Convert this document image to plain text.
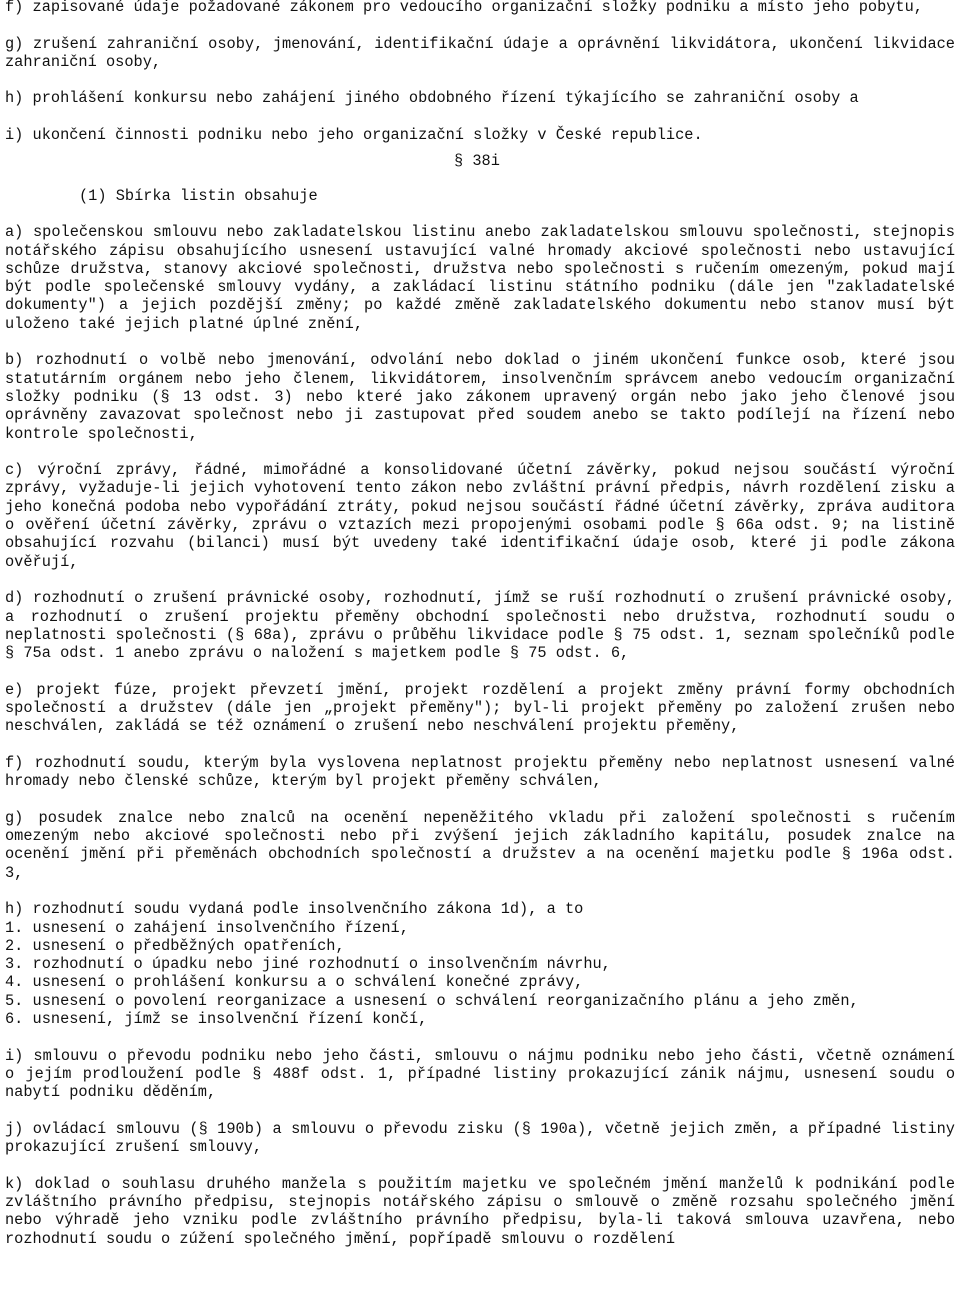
f) zapisované údaje požadované zákonem pro vedoucího organizační složky podniku a místo jeho pobytu,

g) zrušení zahraniční osoby, jmenování, identifikační údaje a oprávnění likvidátora, ukončení likvidace zahraniční osoby,

h) prohlášení konkursu nebo zahájení jiného obdobného řízení týkajícího se zahraniční osoby a

i) ukončení činnosti podniku nebo jeho organizační složky v České republice.

§ 38i
(1) Sbírka listin obsahuje

a) společenskou smlouvu nebo zakladatelskou listinu anebo zakladatelskou smlouvu společnosti, stejnopis notářského zápisu obsahujícího usnesení ustavující valné hromady akciové společnosti nebo ustavující schůze družstva, stanovy akciové společnosti, družstva nebo společnosti s ručením omezeným, pokud mají být podle společenské smlouvy vydány, a zakládací listinu státního podniku (dále jen "zakladatelské dokumenty") a jejich pozdější změny; po každé změně zakladatelského dokumentu nebo stanov musí být uloženo také jejich platné úplné znění,

b) rozhodnutí o volbě nebo jmenování, odvolání nebo doklad o jiném ukončení funkce osob, které jsou statutárním orgánem nebo jeho členem, likvidátorem, insolvenčním správcem anebo vedoucím organizační složky podniku (§ 13 odst. 3) nebo které jako zákonem upravený orgán nebo jako jeho členové jsou oprávněny zavazovat společnost nebo ji zastupovat před soudem anebo se takto podílejí na řízení nebo kontrole společnosti,

c) výroční zprávy, řádné, mimořádné a konsolidované účetní závěrky, pokud nejsou součástí výroční zprávy, vyžaduje-li jejich vyhotovení tento zákon nebo zvláštní právní předpis, návrh rozdělení zisku a jeho konečná podoba nebo vypořádání ztráty, pokud nejsou součástí řádné účetní závěrky, zpráva auditora o ověření účetní závěrky, zprávu o vztazích mezi propojenými osobami podle § 66a odst. 9; na listině obsahující rozvahu (bilanci) musí být uvedeny také identifikační údaje osob, které ji podle zákona ověřují,

d) rozhodnutí o zrušení právnické osoby, rozhodnutí, jímž se ruší rozhodnutí o zrušení právnické osoby, a rozhodnutí o zrušení projektu přeměny obchodní společnosti nebo družstva, rozhodnutí soudu o neplatnosti společnosti (§ 68a), zprávu o průběhu likvidace podle § 75 odst. 1, seznam společníků podle § 75a odst. 1 anebo zprávu o naložení s majetkem podle § 75 odst. 6,

e) projekt fúze, projekt převzetí jmění, projekt rozdělení a projekt změny právní formy obchodních společností a družstev (dále jen „projekt přeměny"); byl-li projekt přeměny po založení zrušen nebo neschválen, zakládá se též oznámení o zrušení nebo neschválení projektu přeměny,

f) rozhodnutí soudu, kterým byla vyslovena neplatnost projektu přeměny nebo neplatnost usnesení valné hromady nebo členské schůze, kterým byl projekt přeměny schválen,

g) posudek znalce nebo znalců na ocenění nepeněžitého vkladu při založení společnosti s ručením omezeným nebo akciové společnosti nebo při zvýšení jejich základního kapitálu, posudek znalce na ocenění jmění při přeměnách obchodních společností a družstev a na ocenění majetku podle § 196a odst. 3,

h) rozhodnutí soudu vydaná podle insolvenčního zákona 1d), a to
1. usnesení o zahájení insolvenčního řízení,
2. usnesení o předběžných opatřeních,
3. rozhodnutí o úpadku nebo jiné rozhodnutí o insolvenčním návrhu,
4. usnesení o prohlášení konkursu a o schválení konečné zprávy,
5. usnesení o povolení reorganizace a usnesení o schválení reorganizačního plánu a jeho změn,
6. usnesení, jímž se insolvenční řízení končí,

i) smlouvu o převodu podniku nebo jeho části, smlouvu o nájmu podniku nebo jeho části, včetně oznámení o jejím prodloužení podle § 488f odst. 1, případné listiny prokazující zánik nájmu, usnesení soudu o nabytí podniku děděním,

j) ovládací smlouvu (§ 190b) a smlouvu o převodu zisku (§ 190a), včetně jejich změn, a případné listiny prokazující zrušení smlouvy,

k) doklad o souhlasu druhého manžela s použitím majetku ve společném jmění manželů k podnikání podle zvláštního právního předpisu, stejnopis notářského zápisu o smlouvě o změně rozsahu společného jmění nebo výhradě jeho vzniku podle zvláštního právního předpisu, byla-li taková smlouva uzavřena, nebo rozhodnutí soudu o zúžení společného jmění, popřípadě smlouvu o rozdělení
